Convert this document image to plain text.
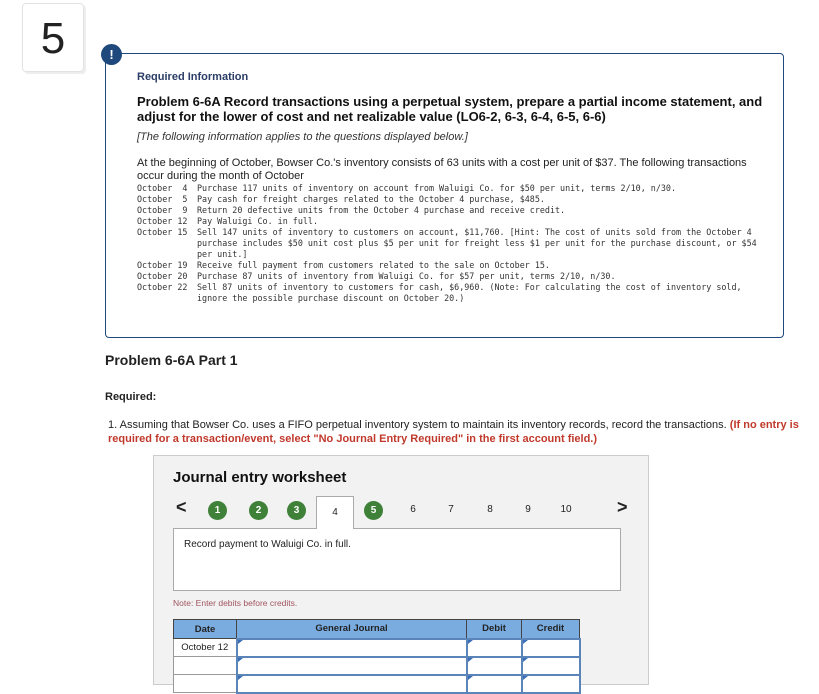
5	!
Required Information
Problem 6-6A Record transactions using a perpetual system, prepare a partial income statement, and adjust for the lower of cost and net realizable value (LO6-2, 6-3, 6-4, 6-5, 6-6)
[The following information applies to the questions displayed below.]
At the beginning of October, Bowser Co.'s inventory consists of 63 units with a cost per unit of $37. The following transactions occur during the month of October
October  4	Purchase 117 units of inventory on account from Waluigi Co. for $50 per unit, terms 2/10, n/30.
October  5	Pay cash for freight charges related to the October 4 purchase, $485.
October  9	Return 20 defective units from the October 4 purchase and receive credit.
October 12	Pay Waluigi Co. in full.
October 15	Sell 147 units of inventory to customers on account, $11,760. [Hint: The cost of units sold from the October 4 purchase includes $50 unit cost plus $5 per unit for freight less $1 per unit for the purchase discount, or $54 per unit.]
October 19	Receive full payment from customers related to the sale on October 15.
October 20	Purchase 87 units of inventory from Waluigi Co. for $57 per unit, terms 2/10, n/30.
October 22	Sell 87 units of inventory to customers for cash, $6,960. (Note: For calculating the cost of inventory sold, ignore the possible purchase discount on October 20.)
Problem 6-6A Part 1
Required:
1. Assuming that Bowser Co. uses a FIFO perpetual inventory system to maintain its inventory records, record the transactions. (If no entry is required for a transaction/event, select "No Journal Entry Required" in the first account field.)
Journal entry worksheet
<	1	2	3	4	5	6	7	8	9	10	>
Record payment to Waluigi Co. in full.
Note: Enter debits before credits.
Date	General Journal	Debit	Credit
October 12			
